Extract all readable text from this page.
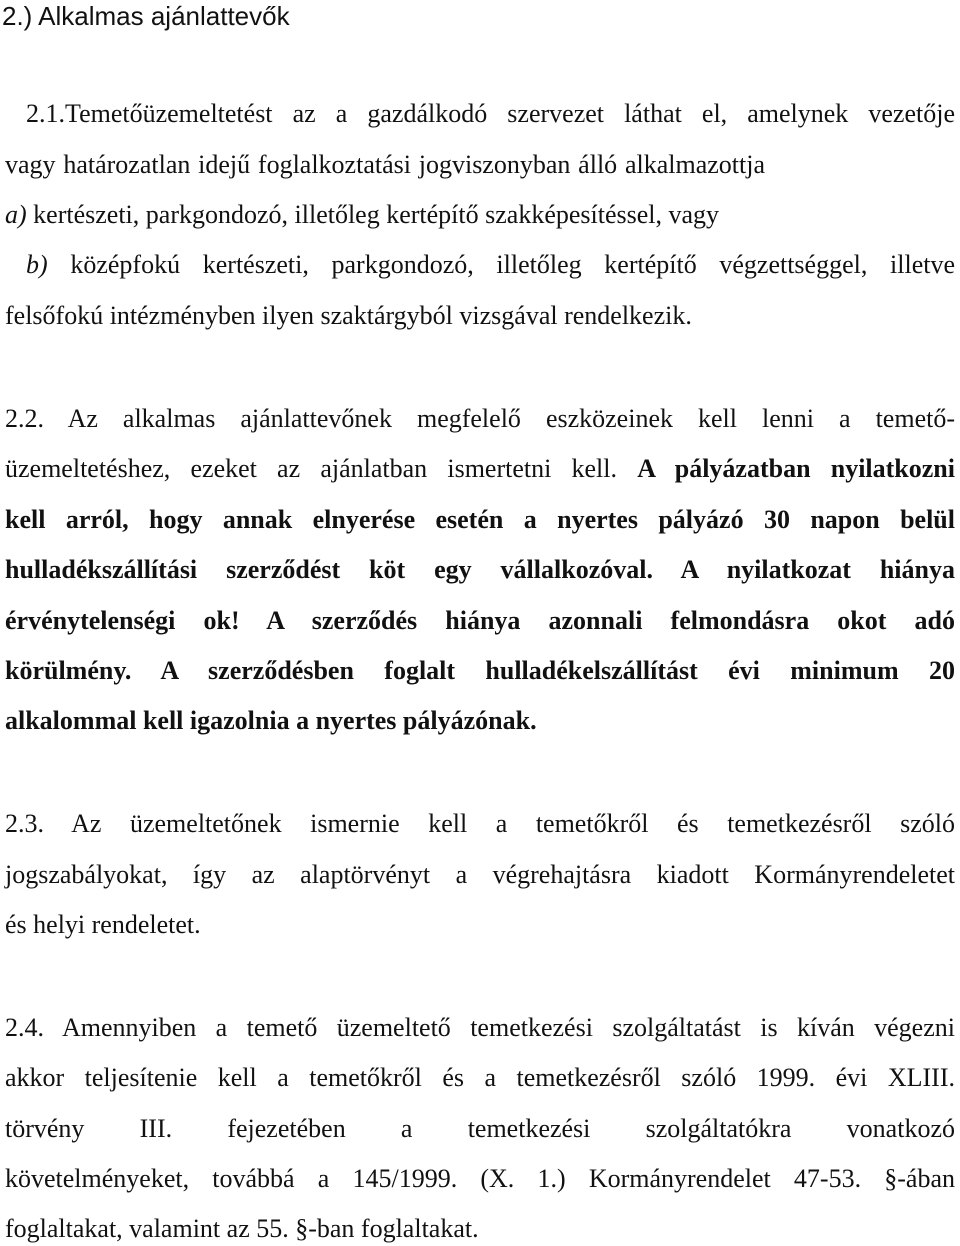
2.) Alkalmas ajánlattevők
2.1.Temetőüzemeltetést az a gazdálkodó szervezet láthat el, amelynek vezetője
vagy határozatlan idejű foglalkoztatási jogviszonyban álló alkalmazottja
a) kertészeti, parkgondozó, illetőleg kertépítő szakképesítéssel, vagy
b) középfokú kertészeti, parkgondozó, illetőleg kertépítő végzettséggel, illetve
felsőfokú intézményben ilyen szaktárgyból vizsgával rendelkezik.
2.2. Az alkalmas ajánlattevőnek megfelelő eszközeinek kell lenni a temető-
üzemeltetéshez, ezeket az ajánlatban ismertetni kell. A pályázatban nyilatkozni
kell arról, hogy annak elnyerése esetén a nyertes pályázó 30 napon belül
hulladékszállítási szerződést köt egy vállalkozóval. A nyilatkozat hiánya
érvénytelenségi ok! A szerződés hiánya azonnali felmondásra okot adó
körülmény. A szerződésben foglalt hulladékelszállítást évi minimum 20
alkalommal kell igazolnia a nyertes pályázónak.
2.3. Az üzemeltetőnek ismernie kell a temetőkről és temetkezésről szóló
jogszabályokat, így az alaptörvényt a végrehajtásra kiadott Kormányrendeletet
és helyi rendeletet.
2.4. Amennyiben a temető üzemeltető temetkezési szolgáltatást is kíván végezni
akkor teljesítenie kell a temetőkről és a temetkezésről szóló 1999. évi XLIII.
törvény III. fejezetében a temetkezési szolgáltatókra vonatkozó
követelményeket, továbbá a 145/1999. (X. 1.) Kormányrendelet 47-53. §-ában
foglaltakat, valamint az 55. §-ban foglaltakat.
